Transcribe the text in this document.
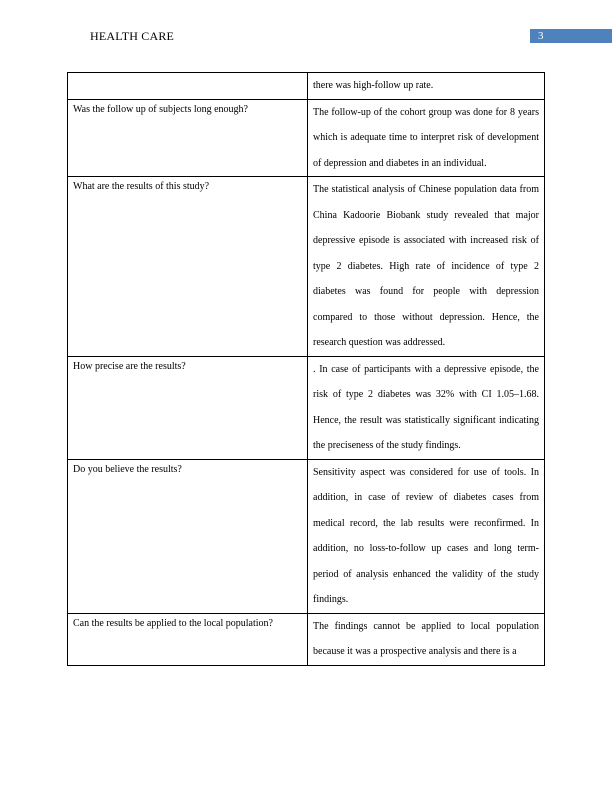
HEALTH CARE	3
	there was high-follow up rate.
Was the follow up of subjects long enough?	The follow-up of the cohort group was done for 8 years which is adequate time to interpret risk of development of depression and diabetes in an individual.
What are the results of this study?	The statistical analysis of Chinese population data from China Kadoorie Biobank study revealed that major depressive episode is associated with increased risk of type 2 diabetes. High rate of incidence of type 2 diabetes was found for people with depression compared to those without depression. Hence, the research question was addressed.
How precise are the results?	. In case of participants with a depressive episode, the risk of type 2 diabetes was 32% with CI 1.05–1.68. Hence, the result was statistically significant indicating the preciseness of the study findings.
Do you believe the results?	Sensitivity aspect was considered for use of tools. In addition, in case of review of diabetes cases from medical record, the lab results were reconfirmed. In addition, no loss-to-follow up cases and long term-period of analysis enhanced the validity of the study findings.
Can the results be applied to the local population?	The findings cannot be applied to local population because it was a prospective analysis and there is a
